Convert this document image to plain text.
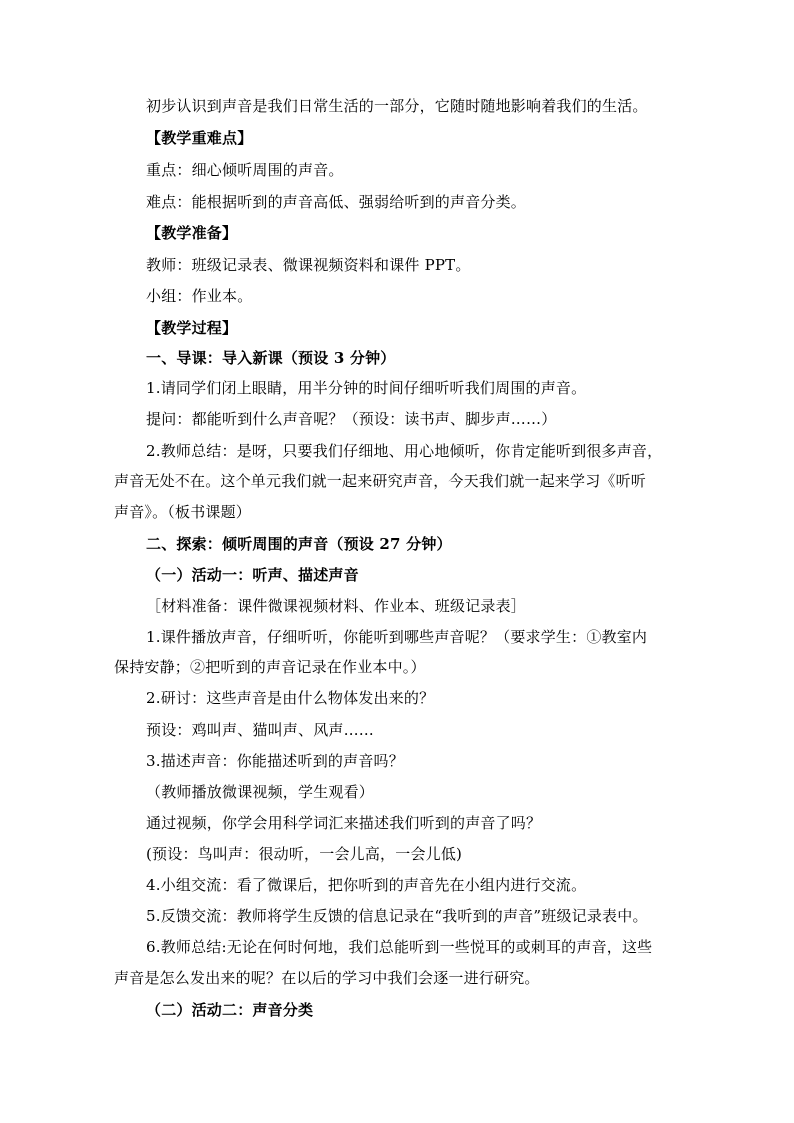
初步认识到声音是我们日常生活的一部分，它随时随地影响着我们的生活。
【教学重难点】
重点：细心倾听周围的声音。
难点：能根据听到的声音高低、强弱给听到的声音分类。
【教学准备】
教师：班级记录表、微课视频资料和课件 PPT。
小组：作业本。
【教学过程】
一、导课：导入新课（预设 3 分钟）
1.请同学们闭上眼睛，用半分钟的时间仔细听听我们周围的声音。
提问：都能听到什么声音呢？（预设：读书声、脚步声……）
2.教师总结：是呀，只要我们仔细地、用心地倾听，你肯定能听到很多声音，
声音无处不在。这个单元我们就一起来研究声音，今天我们就一起来学习《听听
声音》。（板书课题）
二、探索：倾听周围的声音（预设 27 分钟）
（一）活动一：听声、描述声音
［材料准备：课件微课视频材料、作业本、班级记录表］
1.课件播放声音，仔细听听，你能听到哪些声音呢？（要求学生：①教室内
保持安静；②把听到的声音记录在作业本中。）
2.研讨：这些声音是由什么物体发出来的？
预设：鸡叫声、猫叫声、风声……
3.描述声音：你能描述听到的声音吗？
（教师播放微课视频，学生观看）
通过视频，你学会用科学词汇来描述我们听到的声音了吗？
(预设：鸟叫声：很动听，一会儿高，一会儿低)
4.小组交流：看了微课后，把你听到的声音先在小组内进行交流。
5.反馈交流：教师将学生反馈的信息记录在“我听到的声音”班级记录表中。
6.教师总结:无论在何时何地，我们总能听到一些悦耳的或刺耳的声音，这些
声音是怎么发出来的呢？在以后的学习中我们会逐一进行研究。
（二）活动二：声音分类
